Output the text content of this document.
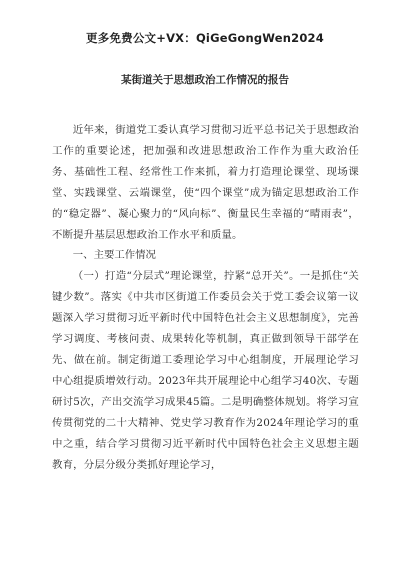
更多免费公文+VX：QiGeGongWen2024
某街道关于思想政治工作情况的报告

近年来，街道党工委认真学习贯彻习近平总书记关于思想政治工作的重要论述，把加强和改进思想政治工作作为重大政治任务、基础性工程、经常性工作来抓，着力打造理论课堂、现场课堂、实践课堂、云端课堂，使“四个课堂”成为锚定思想政治工作的“稳定器”、凝心聚力的“风向标”、衡量民生幸福的“晴雨表”，不断提升基层思想政治工作水平和质量。

一、主要工作情况

（一）打造“分层式”理论课堂，拧紧“总开关”。一是抓住“关键少数”。落实《中共市区街道工作委员会关于党工委会议第一议题深入学习贯彻习近平新时代中国特色社会主义思想制度》，完善学习调度、考核问责、成果转化等机制，真正做到领导干部学在先、做在前。制定街道工委理论学习中心组制度，开展理论学习中心组提质增效行动。2023年共开展理论中心组学习40次、专题研讨5次，产出交流学习成果45篇。二是明确整体规划。将学习宣传贯彻党的二十大精神、党史学习教育作为2024年理论学习的重中之重，结合学习贯彻习近平新时代中国特色社会主义思想主题教育，分层分级分类抓好理论学习，
